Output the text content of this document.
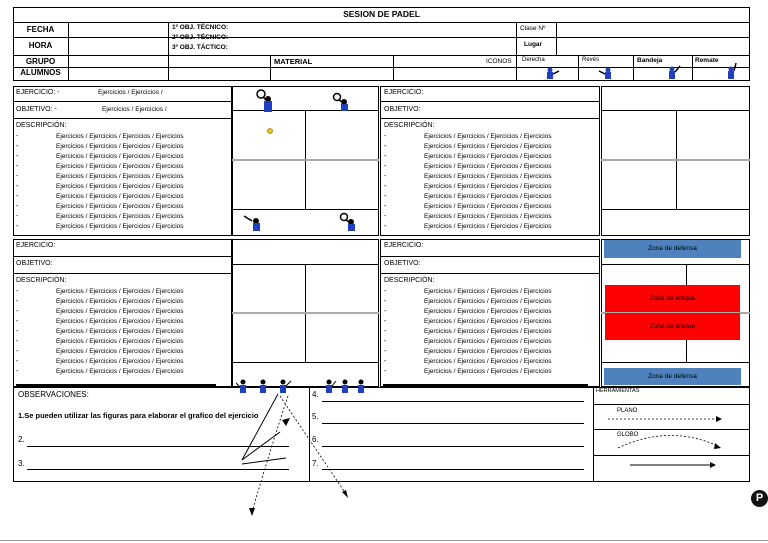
SESION DE PADEL
FECHA
HORA
GRUPO
ALUMNOS
1º OBJ. TÉCNICO:
2º OBJ. TÉCNICO:
3º OBJ. TÁCTICO:
Clase Nº
Lugar
MATERIAL	ICONOS Derecha	Revés	Bandeja	Remate
EJERCICIO: -	Ejercicios / Ejercicios /
OBJETIVO: -	Ejercicios / Ejercicios /
DESCRIPCIÓN:
-	Ejercicios / Ejercicios / Ejercicios / Ejercicios
-	Ejercicios / Ejercicios / Ejercicios / Ejercicios
-	Ejercicios / Ejercicios / Ejercicios / Ejercicios
-	Ejercicios / Ejercicios / Ejercicios / Ejercicios
-	Ejercicios / Ejercicios / Ejercicios / Ejercicios
-	Ejercicios / Ejercicios / Ejercicios / Ejercicios
-	Ejercicios / Ejercicios / Ejercicios / Ejercicios
-	Ejercicios / Ejercicios / Ejercicios / Ejercicios
-	Ejercicios / Ejercicios / Ejercicios / Ejercicios
-	Ejercicios / Ejercicios / Ejercicios / Ejercicios
EJERCICIO:
OBJETIVO:
DESCRIPCIÓN:
-	Ejercicios / Ejercicios / Ejercicios / Ejercicios
-	Ejercicios / Ejercicios / Ejercicios / Ejercicios
-	Ejercicios / Ejercicios / Ejercicios / Ejercicios
-	Ejercicios / Ejercicios / Ejercicios / Ejercicios
-	Ejercicios / Ejercicios / Ejercicios / Ejercicios
-	Ejercicios / Ejercicios / Ejercicios / Ejercicios
-	Ejercicios / Ejercicios / Ejercicios / Ejercicios
-	Ejercicios / Ejercicios / Ejercicios / Ejercicios
-	Ejercicios / Ejercicios / Ejercicios / Ejercicios
-	Ejercicios / Ejercicios / Ejercicios / Ejercicios
EJERCICIO:
OBJETIVO:
DESCRIPCIÓN:
-	Ejercicios / Ejercicios / Ejercicios / Ejercicios
-	Ejercicios / Ejercicios / Ejercicios / Ejercicios
-	Ejercicios / Ejercicios / Ejercicios / Ejercicios
-	Ejercicios / Ejercicios / Ejercicios / Ejercicios
-	Ejercicios / Ejercicios / Ejercicios / Ejercicios
-	Ejercicios / Ejercicios / Ejercicios / Ejercicios
-	Ejercicios / Ejercicios / Ejercicios / Ejercicios
-	Ejercicios / Ejercicios / Ejercicios / Ejercicios
-	Ejercicios / Ejercicios / Ejercicios / Ejercicios
EJERCICIO:
OBJETIVO:
DESCRIPCIÓN:
-	Ejercicios / Ejercicios / Ejercicios / Ejercicios
-	Ejercicios / Ejercicios / Ejercicios / Ejercicios
-	Ejercicios / Ejercicios / Ejercicios / Ejercicios
-	Ejercicios / Ejercicios / Ejercicios / Ejercicios
-	Ejercicios / Ejercicios / Ejercicios / Ejercicios
-	Ejercicios / Ejercicios / Ejercicios / Ejercicios
-	Ejercicios / Ejercicios / Ejercicios / Ejercicios
-	Ejercicios / Ejercicios / Ejercicios / Ejercicios
-	Ejercicios / Ejercicios / Ejercicios / Ejercicios
Zona de defensa
Zona de ataque
Zona de ataque
Zona de defensa
OBSERVACIONES:
1.Se pueden utilizar las figuras para elaborar el grafico del ejercicio
2.
3.
4.
5.
6.
7.
HERRAMIENTAS
PLANO
GLOBO
P
